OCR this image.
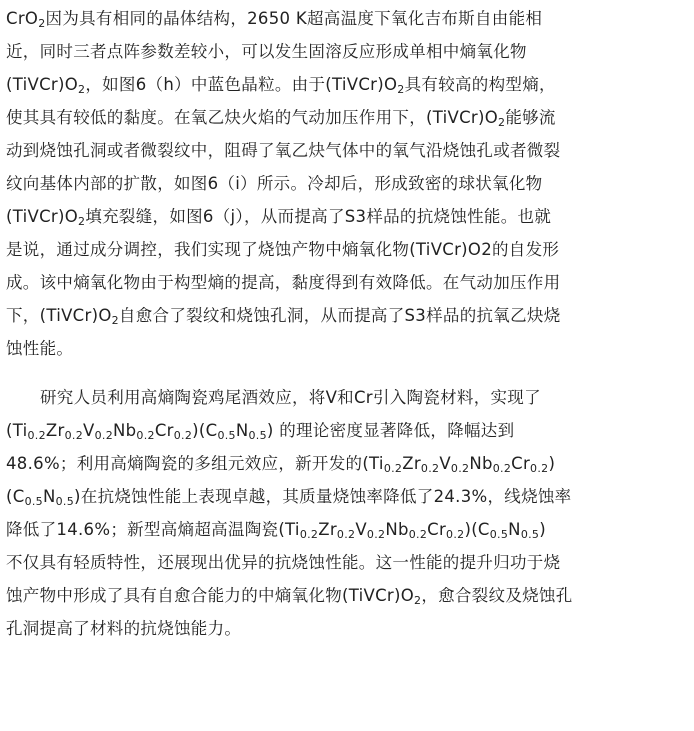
CrO$_2$因为具有相同的晶体结构，2650 K超高温度下氧化吉布斯自由能相
近，同时三者点阵参数差较小，可以发生固溶反应形成单相中熵氧化物
$(TiVCr)O_2$，如图6（h）中蓝色晶粒。由于$(TiVCr)O_2$具有较高的构型熵，
使其具有较低的黏度。在氧乙炔火焰的气动加压作用下，$(TiVCr)O_2$能够流
动到烧蚀孔洞或者微裂纹中，阻碍了氧乙炔气体中的氧气沿烧蚀孔或者微裂
纹向基体内部的扩散，如图6（i）所示。冷却后，形成致密的球状氧化物
$(TiVCr)O_2$填充裂缝，如图6（j），从而提高了S3样品的抗烧蚀性能。也就
是说，通过成分调控，我们实现了烧蚀产物中熵氧化物(TiVCr)O2的自发形
成。该中熵氧化物由于构型熵的提高，黏度得到有效降低。在气动加压作用
下，$(TiVCr)O_2$自愈合了裂纹和烧蚀孔洞，从而提高了S3样品的抗氧乙炔烧
蚀性能。

研究人员利用高熵陶瓷鸡尾酒效应，将V和Cr引入陶瓷材料，实现了
$(Ti_{0.2}Zr_{0.2}V_{0.2}Nb_{0.2}Cr_{0.2})(C_{0.5}N_{0.5})$ 的理论密度显著降低，降幅达到
48.6%；利用高熵陶瓷的多组元效应，新开发的$(Ti_{0.2}Zr_{0.2}V_{0.2}Nb_{0.2}Cr_{0.2})$
$(C_{0.5}N_{0.5})$在抗烧蚀性能上表现卓越，其质量烧蚀率降低了24.3%，线烧蚀率
降低了14.6%；新型高熵超高温陶瓷$(Ti_{0.2}Zr_{0.2}V_{0.2}Nb_{0.2}Cr_{0.2})(C_{0.5}N_{0.5})$
不仅具有轻质特性，还展现出优异的抗烧蚀性能。这一性能的提升归功于烧
蚀产物中形成了具有自愈合能力的中熵氧化物$(TiVCr)O_2$，愈合裂纹及烧蚀孔
孔洞提高了材料的抗烧蚀能力。
